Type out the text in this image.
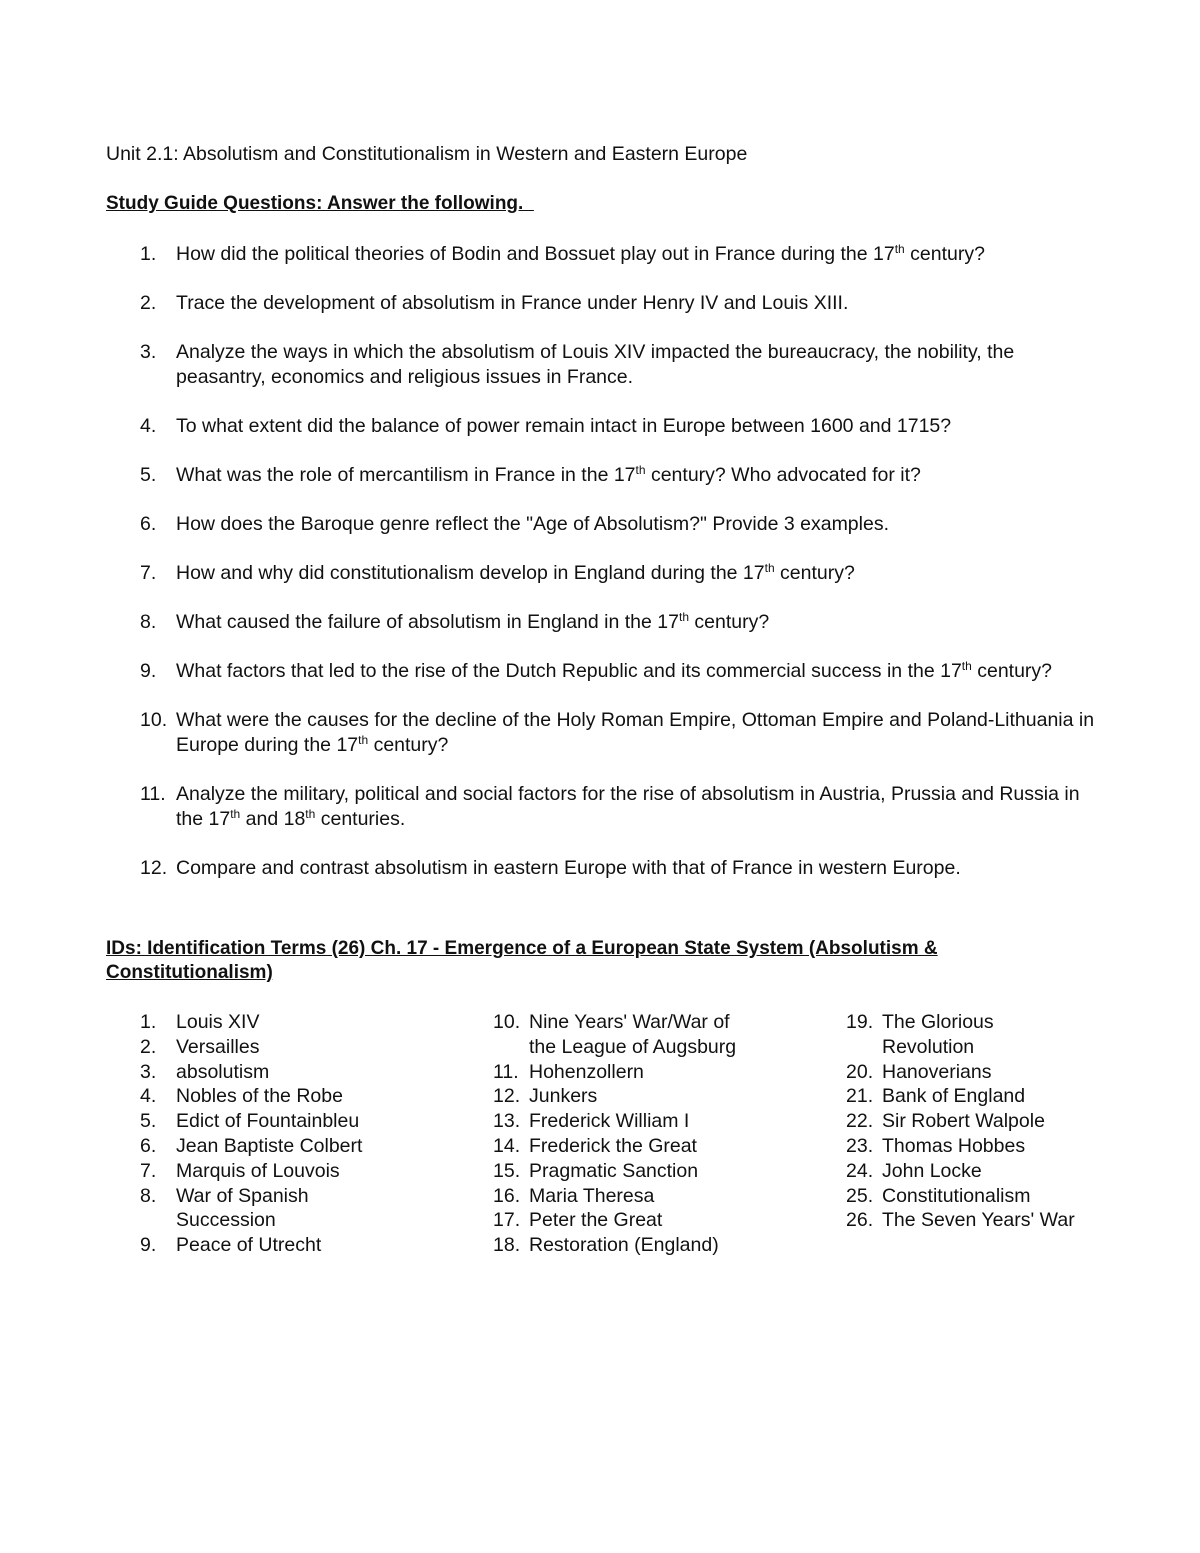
Unit 2.1: Absolutism and Constitutionalism in Western and Eastern Europe
Study Guide Questions: Answer the following.
1. How did the political theories of Bodin and Bossuet play out in France during the 17th century?
2. Trace the development of absolutism in France under Henry IV and Louis XIII.
3. Analyze the ways in which the absolutism of Louis XIV impacted the bureaucracy, the nobility, the peasantry, economics and religious issues in France.
4. To what extent did the balance of power remain intact in Europe between 1600 and 1715?
5. What was the role of mercantilism in France in the 17th century? Who advocated for it?
6. How does the Baroque genre reflect the "Age of Absolutism?" Provide 3 examples.
7. How and why did constitutionalism develop in England during the 17th century?
8. What caused the failure of absolutism in England in the 17th century?
9. What factors that led to the rise of the Dutch Republic and its commercial success in the 17th century?
10. What were the causes for the decline of the Holy Roman Empire, Ottoman Empire and Poland-Lithuania in Europe during the 17th century?
11. Analyze the military, political and social factors for the rise of absolutism in Austria, Prussia and Russia in the 17th and 18th centuries.
12. Compare and contrast absolutism in eastern Europe with that of France in western Europe.
IDs: Identification Terms (26) Ch. 17 - Emergence of a European State System (Absolutism & Constitutionalism)
1. Louis XIV
2. Versailles
3. absolutism
4. Nobles of the Robe
5. Edict of Fountainbleu
6. Jean Baptiste Colbert
7. Marquis of Louvois
8. War of Spanish Succession
9. Peace of Utrecht
10. Nine Years' War/War of the League of Augsburg
11. Hohenzollern
12. Junkers
13. Frederick William I
14. Frederick the Great
15. Pragmatic Sanction
16. Maria Theresa
17. Peter the Great
18. Restoration (England)
19. The Glorious Revolution
20. Hanoverians
21. Bank of England
22. Sir Robert Walpole
23. Thomas Hobbes
24. John Locke
25. Constitutionalism
26. The Seven Years' War
